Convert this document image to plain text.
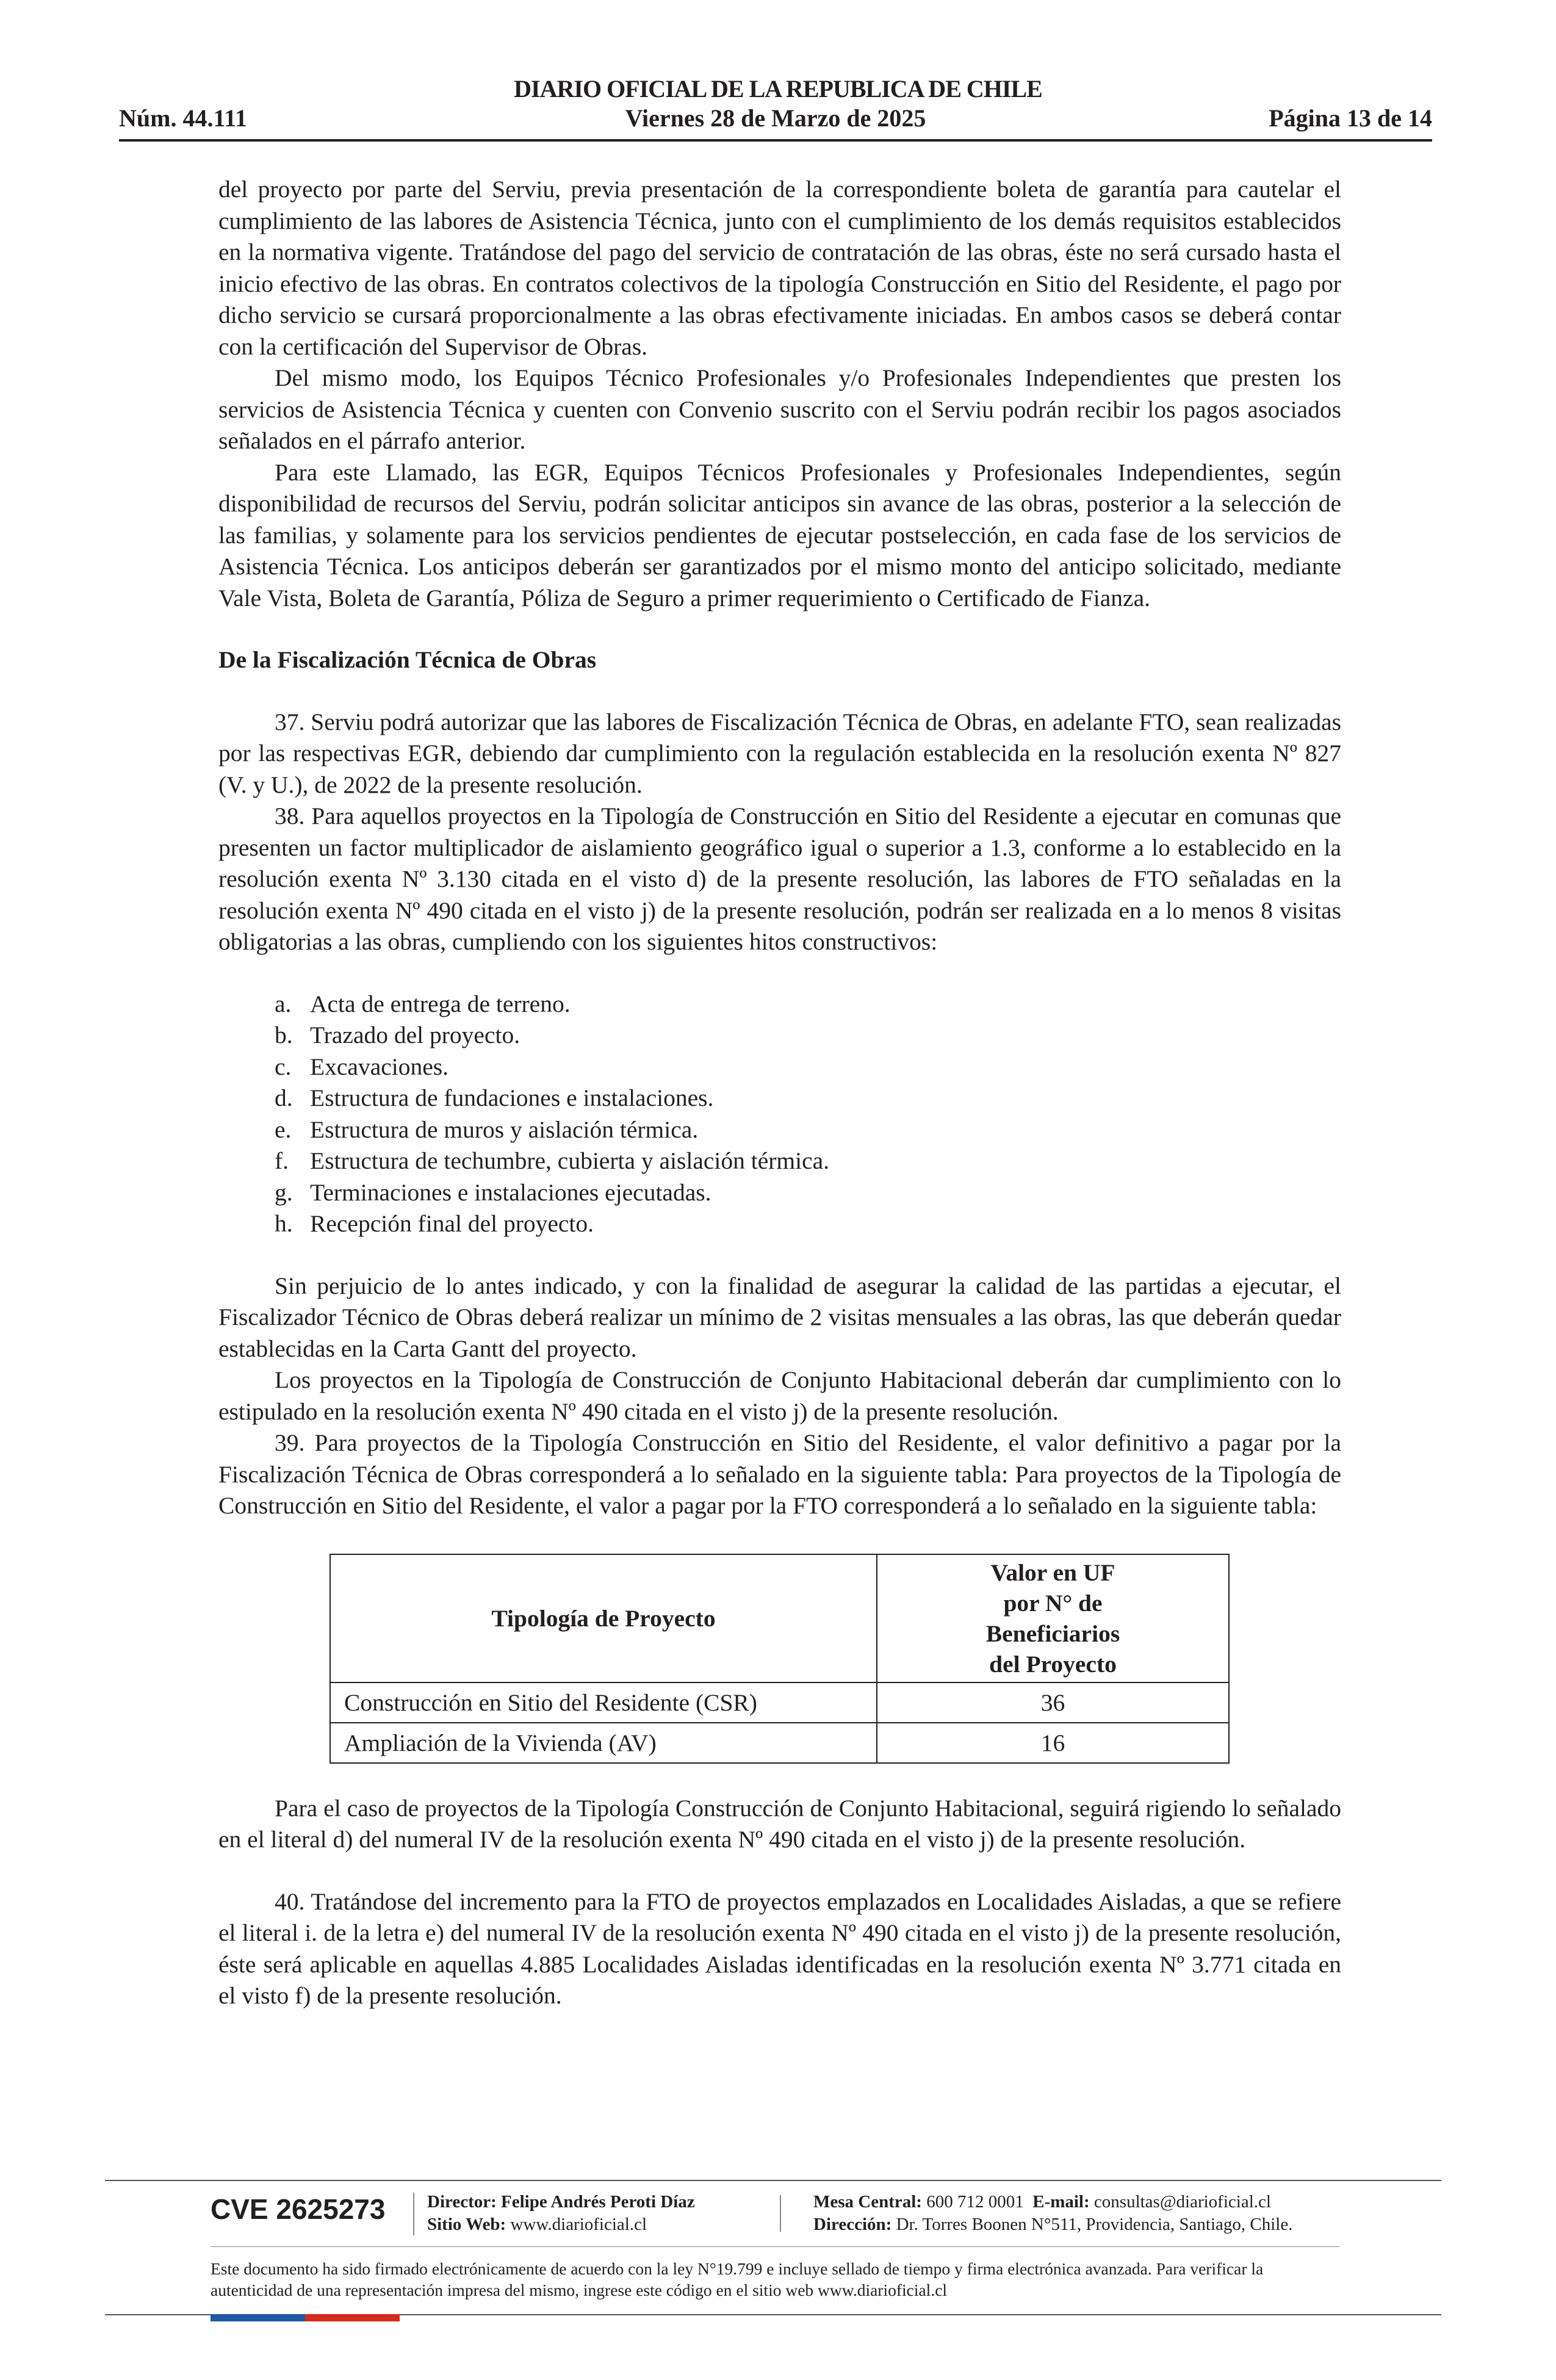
DIARIO OFICIAL DE LA REPUBLICA DE CHILE
Núm. 44.111	Viernes 28 de Marzo de 2025	Página 13 de 14

del proyecto por parte del Serviu, previa presentación de la correspondiente boleta de garantía para cautelar el cumplimiento de las labores de Asistencia Técnica, junto con el cumplimiento de los demás requisitos establecidos en la normativa vigente. Tratándose del pago del servicio de contratación de las obras, éste no será cursado hasta el inicio efectivo de las obras. En contratos colectivos de la tipología Construcción en Sitio del Residente, el pago por dicho servicio se cursará proporcionalmente a las obras efectivamente iniciadas. En ambos casos se deberá contar con la certificación del Supervisor de Obras.

Del mismo modo, los Equipos Técnico Profesionales y/o Profesionales Independientes que presten los servicios de Asistencia Técnica y cuenten con Convenio suscrito con el Serviu podrán recibir los pagos asociados señalados en el párrafo anterior.

Para este Llamado, las EGR, Equipos Técnicos Profesionales y Profesionales Independientes, según disponibilidad de recursos del Serviu, podrán solicitar anticipos sin avance de las obras, posterior a la selección de las familias, y solamente para los servicios pendientes de ejecutar postselección, en cada fase de los servicios de Asistencia Técnica. Los anticipos deberán ser garantizados por el mismo monto del anticipo solicitado, mediante Vale Vista, Boleta de Garantía, Póliza de Seguro a primer requerimiento o Certificado de Fianza.

De la Fiscalización Técnica de Obras

37. Serviu podrá autorizar que las labores de Fiscalización Técnica de Obras, en adelante FTO, sean realizadas por las respectivas EGR, debiendo dar cumplimiento con la regulación establecida en la resolución exenta Nº 827 (V. y U.), de 2022 de la presente resolución.

38. Para aquellos proyectos en la Tipología de Construcción en Sitio del Residente a ejecutar en comunas que presenten un factor multiplicador de aislamiento geográfico igual o superior a 1.3, conforme a lo establecido en la resolución exenta Nº 3.130 citada en el visto d) de la presente resolución, las labores de FTO señaladas en la resolución exenta Nº 490 citada en el visto j) de la presente resolución, podrán ser realizada en a lo menos 8 visitas obligatorias a las obras, cumpliendo con los siguientes hitos constructivos:

a. Acta de entrega de terreno.
b. Trazado del proyecto.
c. Excavaciones.
d. Estructura de fundaciones e instalaciones.
e. Estructura de muros y aislación térmica.
f. Estructura de techumbre, cubierta y aislación térmica.
g. Terminaciones e instalaciones ejecutadas.
h. Recepción final del proyecto.

Sin perjuicio de lo antes indicado, y con la finalidad de asegurar la calidad de las partidas a ejecutar, el Fiscalizador Técnico de Obras deberá realizar un mínimo de 2 visitas mensuales a las obras, las que deberán quedar establecidas en la Carta Gantt del proyecto.

Los proyectos en la Tipología de Construcción de Conjunto Habitacional deberán dar cumplimiento con lo estipulado en la resolución exenta Nº 490 citada en el visto j) de la presente resolución.

39. Para proyectos de la Tipología Construcción en Sitio del Residente, el valor definitivo a pagar por la Fiscalización Técnica de Obras corresponderá a lo señalado en la siguiente tabla: Para proyectos de la Tipología de Construcción en Sitio del Residente, el valor a pagar por la FTO corresponderá a lo señalado en la siguiente tabla:

Tipología de Proyecto	Valor en UF
por N° de
Beneficiarios
del Proyecto
Construcción en Sitio del Residente (CSR)	36
Ampliación de la Vivienda (AV)	16

Para el caso de proyectos de la Tipología Construcción de Conjunto Habitacional, seguirá rigiendo lo señalado en el literal d) del numeral IV de la resolución exenta Nº 490 citada en el visto j) de la presente resolución.

40. Tratándose del incremento para la FTO de proyectos emplazados en Localidades Aisladas, a que se refiere el literal i. de la letra e) del numeral IV de la resolución exenta Nº 490 citada en el visto j) de la presente resolución, éste será aplicable en aquellas 4.885 Localidades Aisladas identificadas en la resolución exenta Nº 3.771 citada en el visto f) de la presente resolución.

CVE 2625273 Director: Felipe Andrés Peroti Díaz
Sitio Web: www.diarioficial.cl
Mesa Central: 600 712 0001 E-mail: consultas@diarioficial.cl
Dirección: Dr. Torres Boonen N°511, Providencia, Santiago, Chile.
Este documento ha sido firmado electrónicamente de acuerdo con la ley N°19.799 e incluye sellado de tiempo y firma electrónica avanzada. Para verificar la autenticidad de una representación impresa del mismo, ingrese este código en el sitio web www.diarioficial.cl
